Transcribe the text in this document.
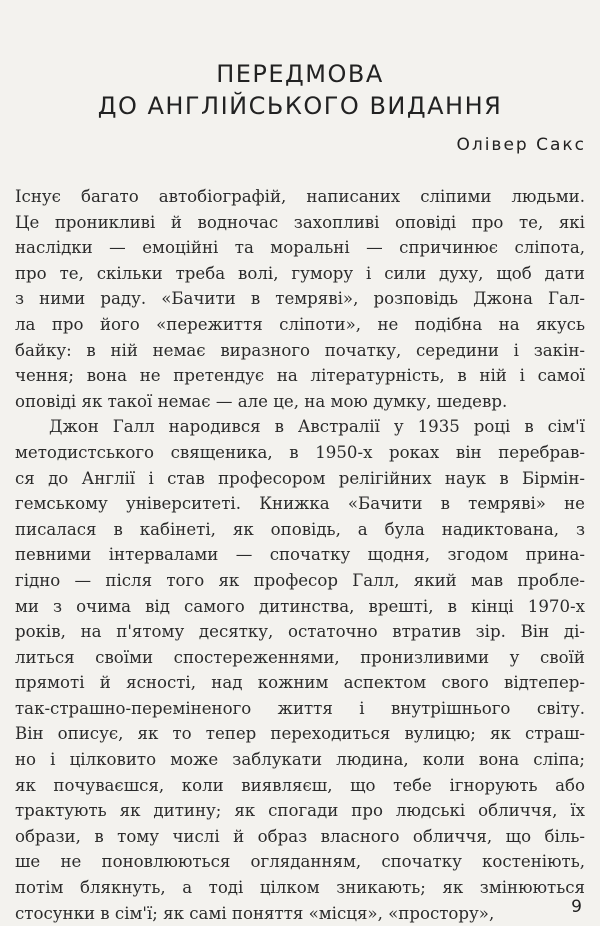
ПЕРЕДМОВА
ДО АНГЛІЙСЬКОГО ВИДАННЯ
Олівер Сакс
Існує багато автобіографій, написаних сліпими людьми.
Це проникливі й водночас захопливі оповіді про те, які
наслідки — емоційні та моральні — спричинює сліпота,
про те, скільки треба волі, гумору і сили духу, щоб дати
з ними раду. «Бачити в темряві», розповідь Джона Гал-
ла про його «пережиття сліпоти», не подібна на якусь
байку: в ній немає виразного початку, середини і закін-
чення; вона не претендує на літературність, в ній і самої
оповіді як такої немає — але це, на мою думку, шедевр.
Джон Галл народився в Австралії у 1935 році в сім'ї
методистського священика, в 1950-х роках він перебрав-
ся до Англії і став професором релігійних наук в Бірмін-
гемському університеті. Книжка «Бачити в темряві» не
писалася в кабінеті, як оповідь, а була надиктована, з
певними інтервалами — спочатку щодня, згодом прина-
гідно — після того як професор Галл, який мав пробле-
ми з очима від самого дитинства, врешті, в кінці 1970-х
років, на п'ятому десятку, остаточно втратив зір. Він ді-
литься своїми спостереженнями, пронизливими у своїй
прямоті й ясності, над кожним аспектом свого відтепер-
так-страшно-переміненого життя і внутрішнього світу.
Він описує, як то тепер переходиться вулицю; як страш-
но і цілковито може заблукати людина, коли вона сліпа;
як почуваєшся, коли виявляєш, що тебе ігнорують або
трактують як дитину; як спогади про людські обличчя, їх
образи, в тому числі й образ власного обличчя, що біль-
ше не поновлюються огляданням, спочатку костеніють,
потім блякнуть, а тоді цілком зникають; як змінюються
стосунки в сім'ї; як самі поняття «місця», «простору»,	9
